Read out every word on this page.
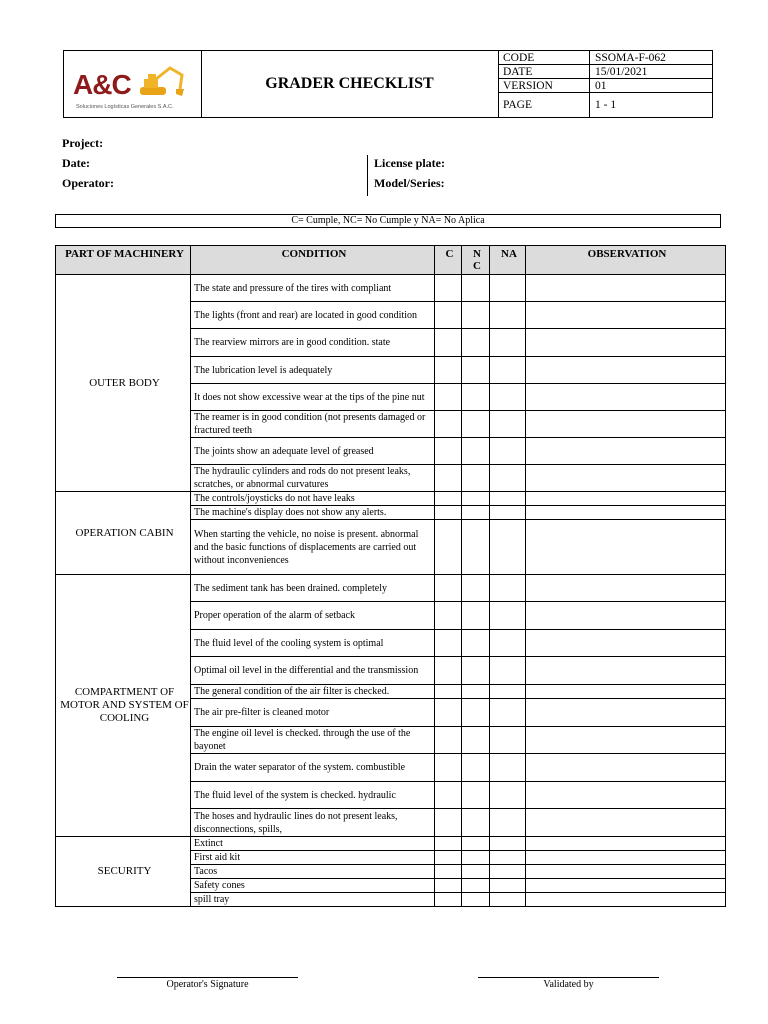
A&C
Soluciones Logísticas Generales S.A.C.
GRADER CHECKLIST
CODE	SSOMA-F-062
DATE	15/01/2021
VERSION	01
PAGE	1 - 1
Project:
Date:
Operator:
License plate:
Model/Series:
C= Cumple, NC= No Cumple y NA= No Aplica
PART OF MACHINERY	CONDITION	C	N C	NA	OBSERVATION
OUTER BODY	The state and pressure of the tires with compliant				
	The lights (front and rear) are located in good condition				
	The rearview mirrors are in good condition. state				
	The lubrication level is adequately				
	It does not show excessive wear at the tips of the pine nut				
	The reamer is in good condition (not presents damaged or fractured teeth				
	The joints show an adequate level of greased				
	The hydraulic cylinders and rods do not present leaks, scratches, or abnormal curvatures				
OPERATION CABIN	The controls/joysticks do not have leaks				
	The machine's display does not show any alerts.				
	When starting the vehicle, no noise is present. abnormal and the basic functions of displacements are carried out without inconveniences				
COMPARTMENT OF MOTOR AND SYSTEM OF COOLING	The sediment tank has been drained. completely				
	Proper operation of the alarm of setback				
	The fluid level of the cooling system is optimal				
	Optimal oil level in the differential and the transmission				
	The general condition of the air filter is checked.				
	The air pre-filter is cleaned motor				
	The engine oil level is checked. through the use of the bayonet				
	Drain the water separator of the system. combustible				
	The fluid level of the system is checked. hydraulic				
	The hoses and hydraulic lines do not present leaks, disconnections, spills,				
SECURITY	Extinct				
	First aid kit				
	Tacos				
	Safety cones				
	spill tray				
Operator's Signature	Validated by
